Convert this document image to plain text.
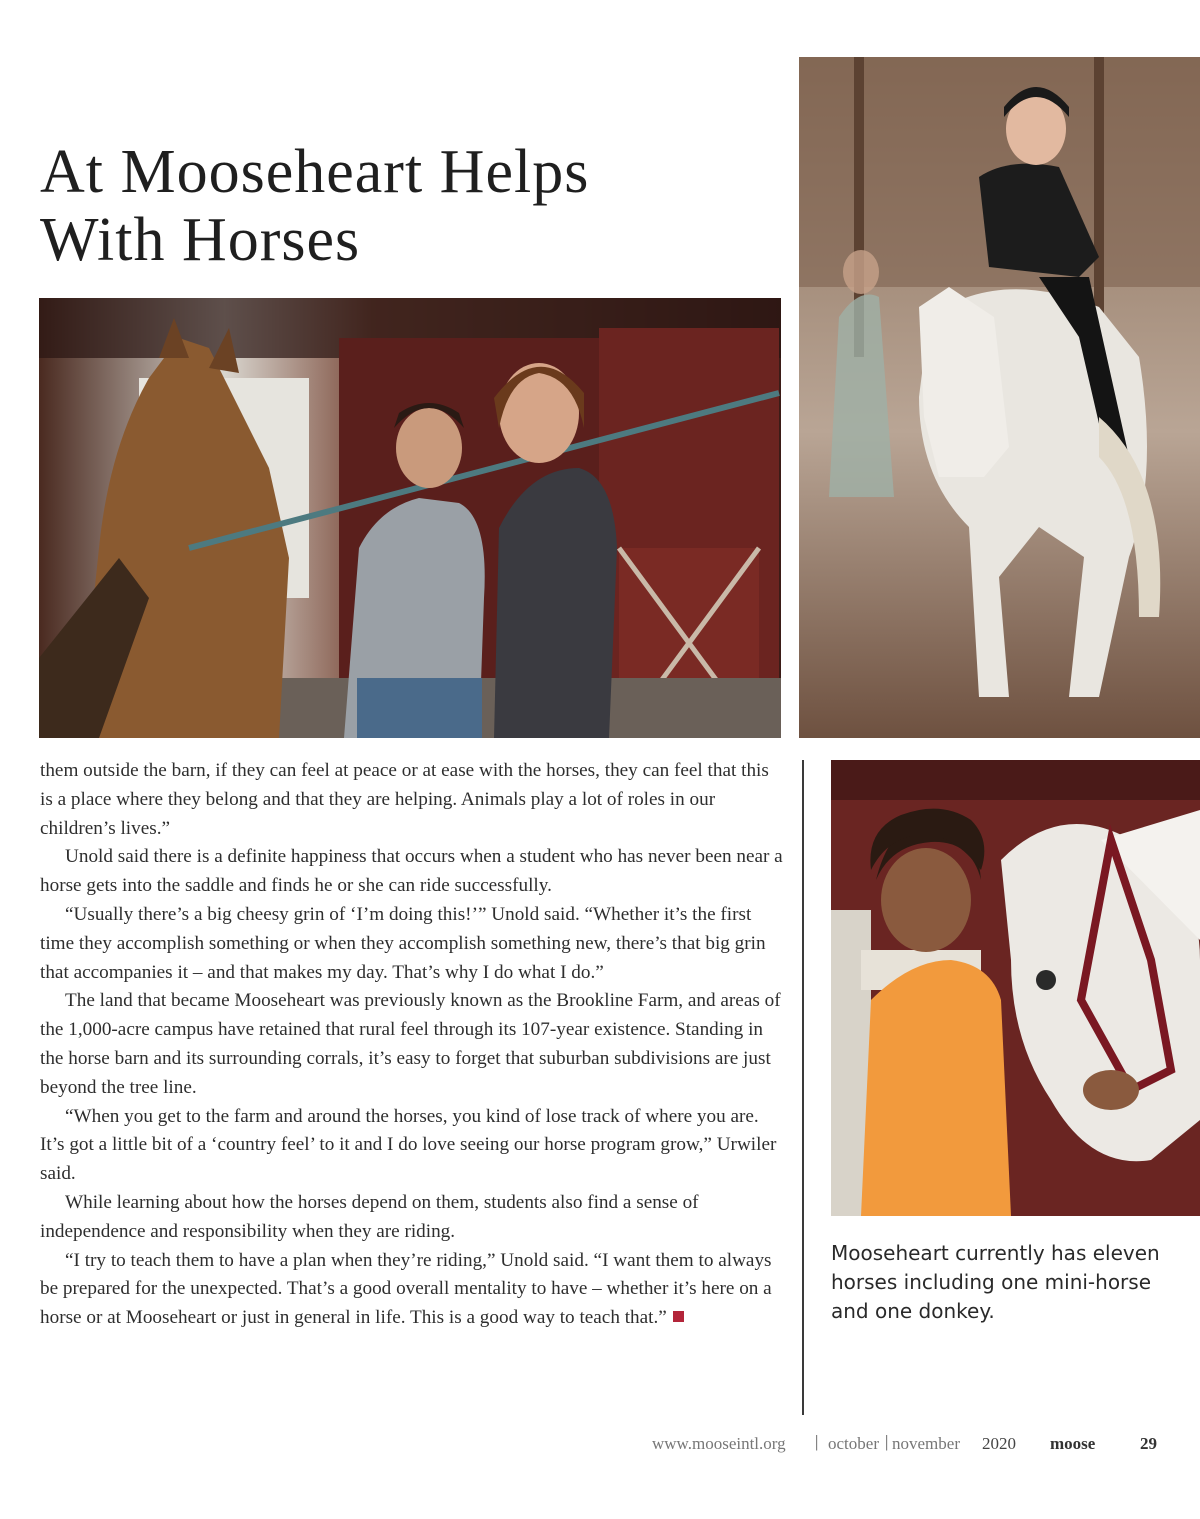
At Mooseheart Helps
With Horses

them outside the barn, if they can feel at peace or at ease with the horses, they can feel that this is a place where they belong and that they are helping. Animals play a lot of roles in our children’s lives.”

Unold said there is a definite happiness that occurs when a student who has never been near a horse gets into the saddle and finds he or she can ride successfully.

“Usually there’s a big cheesy grin of ‘I’m doing this!’” Unold said. “Whether it’s the first time they accomplish something or when they accomplish something new, there’s that big grin that accompanies it – and that makes my day. That’s why I do what I do.”

The land that became Mooseheart was previously known as the Brookline Farm, and areas of the 1,000-acre campus have retained that rural feel through its 107-year existence. Standing in the horse barn and its surrounding corrals, it’s easy to forget that suburban subdivisions are just beyond the tree line.

“When you get to the farm and around the horses, you kind of lose track of where you are. It’s got a little bit of a ‘country feel’ to it and I do love seeing our horse program grow,” Urwiler said.

While learning about how the horses depend on them, students also find a sense of independence and responsibility when they are riding.

“I try to teach them to have a plan when they’re riding,” Unold said. “I want them to always be prepared for the unexpected. That’s a good overall mentality to have – whether it’s here on a horse or at Mooseheart or just in general in life. This is a good way to teach that.”

Mooseheart currently has eleven horses including one mini-horse and one donkey.
www.mooseintl.org | october | november 2020 moose	29
